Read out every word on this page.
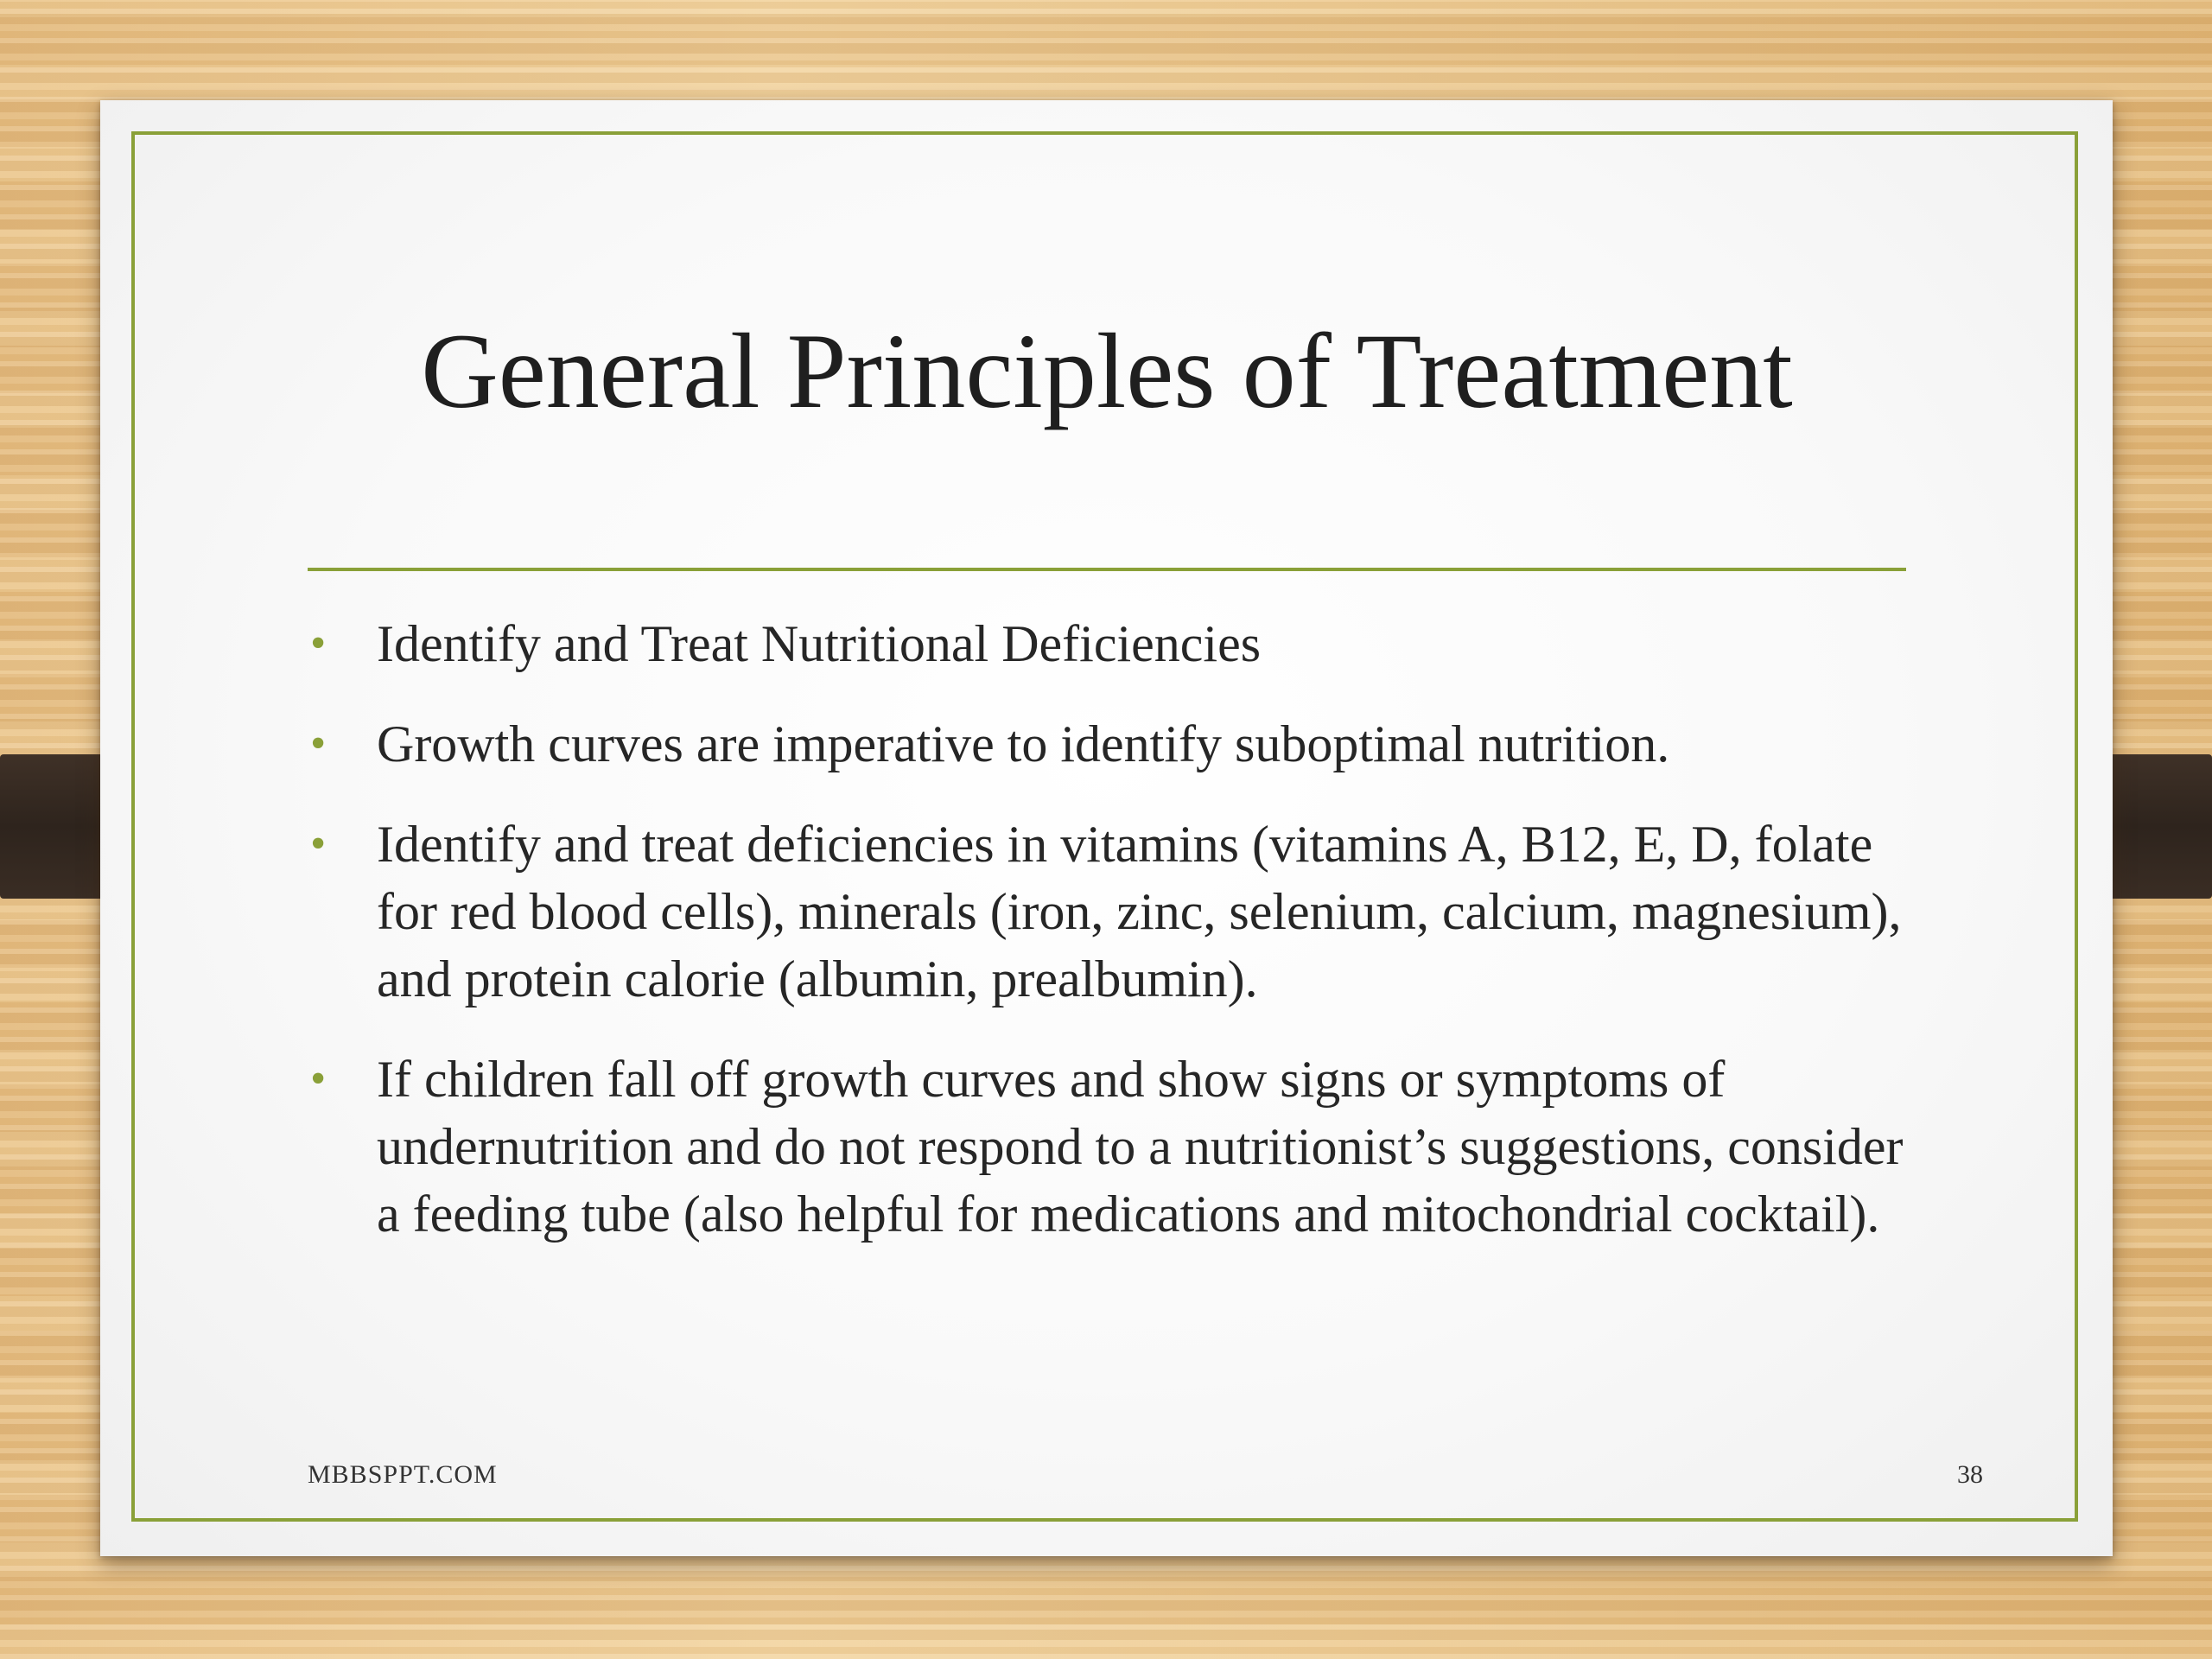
General Principles of Treatment
• Identify and Treat Nutritional Deficiencies
• Growth curves are imperative to identify suboptimal nutrition.
• Identify and treat deficiencies in vitamins (vitamins A, B12, E, D, folate for red blood cells), minerals (iron, zinc, selenium, calcium, magnesium), and protein calorie (albumin, prealbumin).
• If children fall off growth curves and show signs or symptoms of undernutrition and do not respond to a nutritionist’s suggestions, consider a feeding tube (also helpful for medications and mitochondrial cocktail).
MBBSPPT.COM	38
